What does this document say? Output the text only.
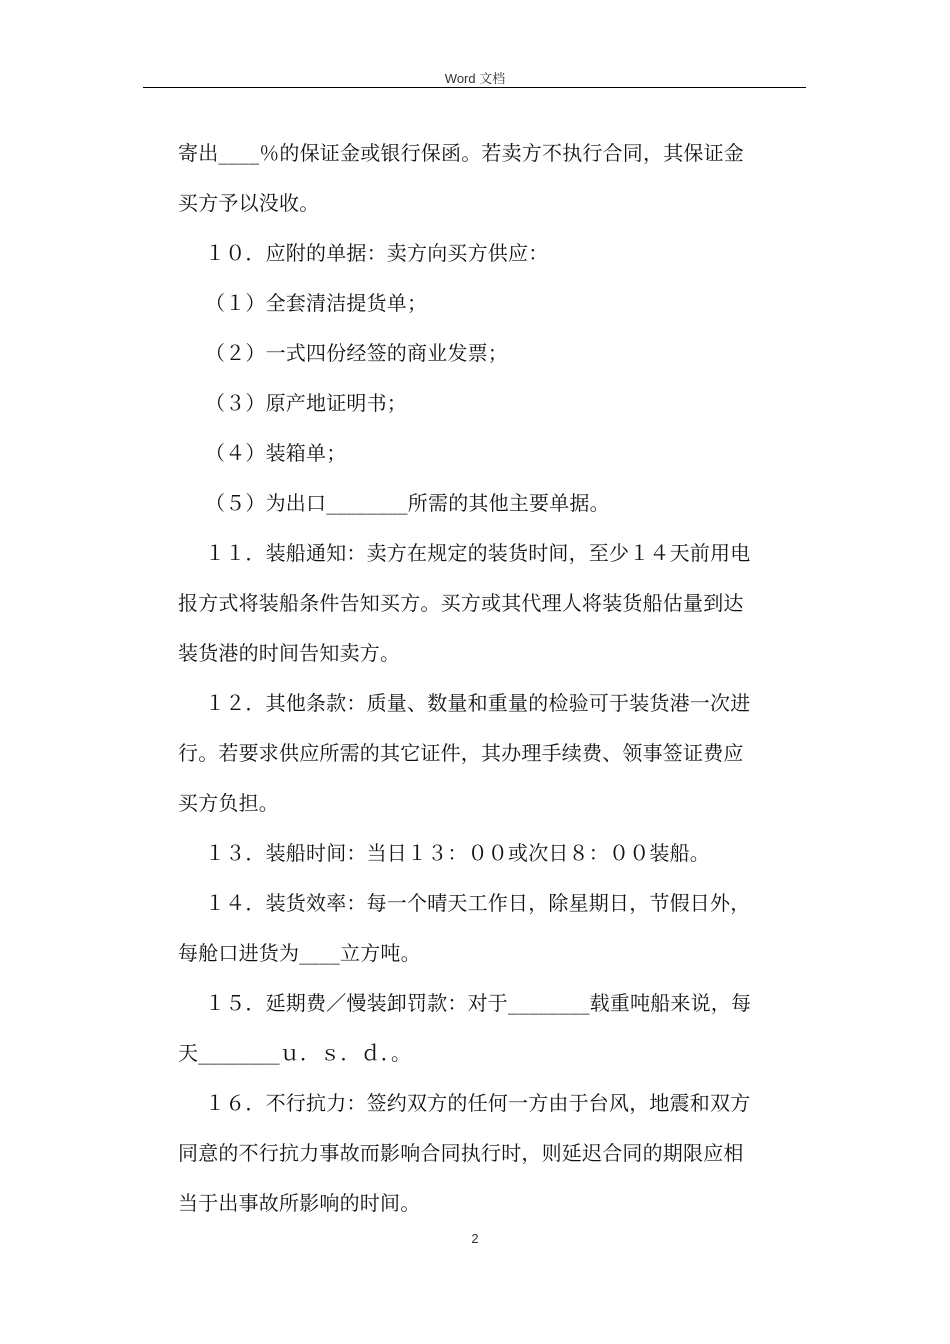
Word 文档

寄出____％的保证金或银行保函。若卖方不执行合同，其保证金

买方予以没收。

１０．应附的单据：卖方向买方供应：

（１）全套清洁提货单；

（２）一式四份经签的商业发票；

（３）原产地证明书；

（４）装箱单；

（５）为出口________所需的其他主要单据。

１１．装船通知：卖方在规定的装货时间，至少１４天前用电

报方式将装船条件告知买方。买方或其代理人将装货船估量到达

装货港的时间告知卖方。

１２．其他条款：质量、数量和重量的检验可于装货港一次进

行。若要求供应所需的其它证件，其办理手续费、领事签证费应

买方负担。

１３．装船时间：当日１３：００或次日８：００装船。

１４．装货效率：每一个晴天工作日，除星期日，节假日外，

每舱口进货为____立方吨。

１５．延期费／慢装卸罚款：对于________载重吨船来说，每

天________ｕ．ｓ．ｄ．。

１６．不行抗力：签约双方的任何一方由于台风，地震和双方

同意的不行抗力事故而影响合同执行时，则延迟合同的期限应相

当于出事故所影响的时间。

2
